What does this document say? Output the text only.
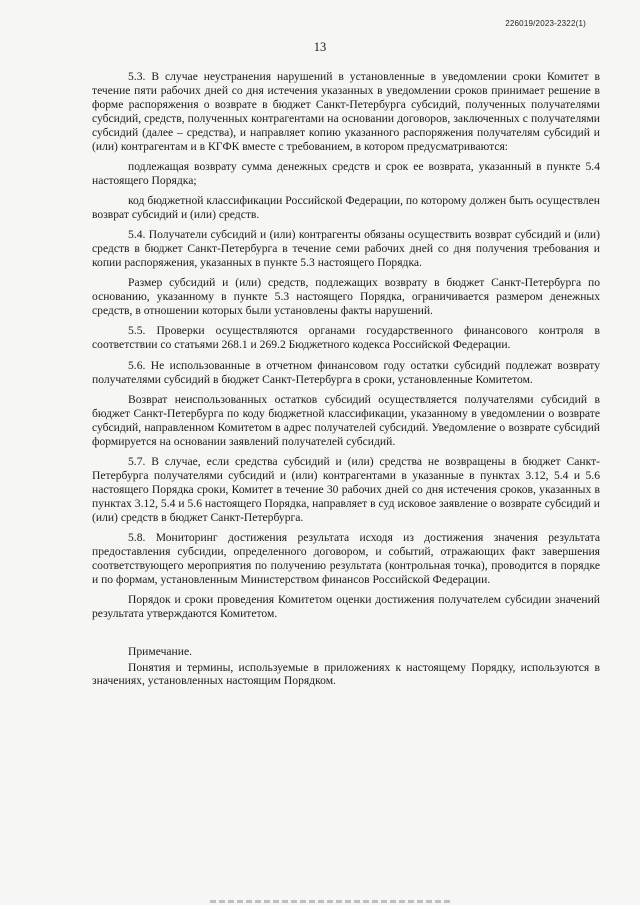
226019/2023-2322(1)
13

5.3. В случае неустранения нарушений в установленные в уведомлении сроки Комитет в течение пяти рабочих дней со дня истечения указанных в уведомлении сроков принимает решение в форме распоряжения о возврате в бюджет Санкт-Петербурга субсидий, полученных получателями субсидий, средств, полученных контрагентами на основании договоров, заключенных с получателями субсидий (далее – средства), и направляет копию указанного распоряжения получателям субсидий и (или) контрагентам и в КГФК вместе с требованием, в котором предусматриваются:

подлежащая возврату сумма денежных средств и срок ее возврата, указанный в пункте 5.4 настоящего Порядка;

код бюджетной классификации Российской Федерации, по которому должен быть осуществлен возврат субсидий и (или) средств.

5.4. Получатели субсидий и (или) контрагенты обязаны осуществить возврат субсидий и (или) средств в бюджет Санкт-Петербурга в течение семи рабочих дней со дня получения требования и копии распоряжения, указанных в пункте 5.3 настоящего Порядка.

Размер субсидий и (или) средств, подлежащих возврату в бюджет Санкт-Петербурга по основанию, указанному в пункте 5.3 настоящего Порядка, ограничивается размером денежных средств, в отношении которых были установлены факты нарушений.

5.5. Проверки осуществляются органами государственного финансового контроля в соответствии со статьями 268.1 и 269.2 Бюджетного кодекса Российской Федерации.

5.6. Не использованные в отчетном финансовом году остатки субсидий подлежат возврату получателями субсидий в бюджет Санкт-Петербурга в сроки, установленные Комитетом.

Возврат неиспользованных остатков субсидий осуществляется получателями субсидий в бюджет Санкт-Петербурга по коду бюджетной классификации, указанному в уведомлении о возврате субсидий, направленном Комитетом в адрес получателей субсидий. Уведомление о возврате субсидий формируется на основании заявлений получателей субсидий.

5.7. В случае, если средства субсидий и (или) средства не возвращены в бюджет Санкт-Петербурга получателями субсидий и (или) контрагентами в указанные в пунктах 3.12, 5.4 и 5.6 настоящего Порядка сроки, Комитет в течение 30 рабочих дней со дня истечения сроков, указанных в пунктах 3.12, 5.4 и 5.6 настоящего Порядка, направляет в суд исковое заявление о возврате субсидий и (или) средств в бюджет Санкт-Петербурга.

5.8. Мониторинг достижения результата исходя из достижения значения результата предоставления субсидии, определенного договором, и событий, отражающих факт завершения соответствующего мероприятия по получению результата (контрольная точка), проводится в порядке и по формам, установленным Министерством финансов Российской Федерации.

Порядок и сроки проведения Комитетом оценки достижения получателем субсидии значений результата утверждаются Комитетом.

Примечание.

Понятия и термины, используемые в приложениях к настоящему Порядку, используются в значениях, установленных настоящим Порядком.
